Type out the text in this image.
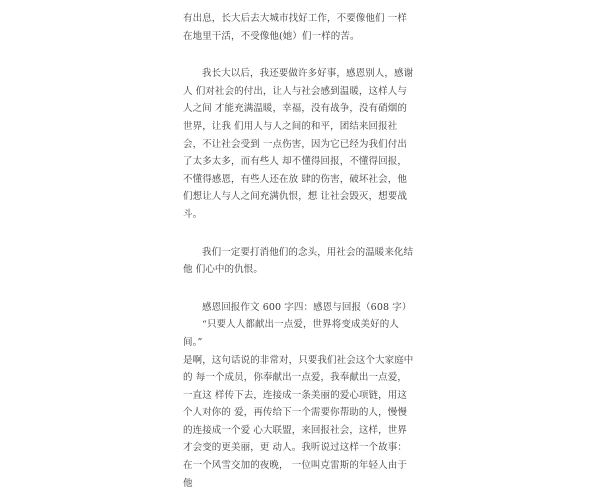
有出息，长大后去大城市找好工作，不要像他们 一样在地里干活，不受像他(她）们一样的苦。

我长大以后，我还要做许多好事，感恩别人，感谢人 们对社会的付出，让人与社会感到温暖，这样人与人之间 才能充满温暖，幸福，没有战争，没有硝烟的世界，让我 们用人与人之间的和平，团结来回报社会，不让社会受到 一点伤害，因为它已经为我们付出了太多太多，而有些人 却不懂得回报，不懂得回报，不懂得感恩，有些人还在放 肆的伤害，破坏社会，他们想让人与人之间充满仇恨，想 让社会毁灭，想要战斗。

我们一定要打消他们的念头，用社会的温暖来化结他 们心中的仇恨。

感恩回报作文 600 字四：感恩与回报（608 字）

“只要人人都献出一点爱，世界将变成美好的人间。”

是啊，这句话说的非常对，只要我们社会这个大家庭中的 每一个成员，你奉献出一点爱，我奉献出一点爱，一直这 样传下去，连接成一条美丽的爱心项链，用这个人对你的 爱，再传给下一个需要你帮助的人，慢慢的连接成一个爱 心大联盟，来回报社会，这样，世界才会变的更美丽，更 动人。我听说过这样一个故事：在一个风雪交加的夜晚， 一位叫克雷斯的年轻人由于他
